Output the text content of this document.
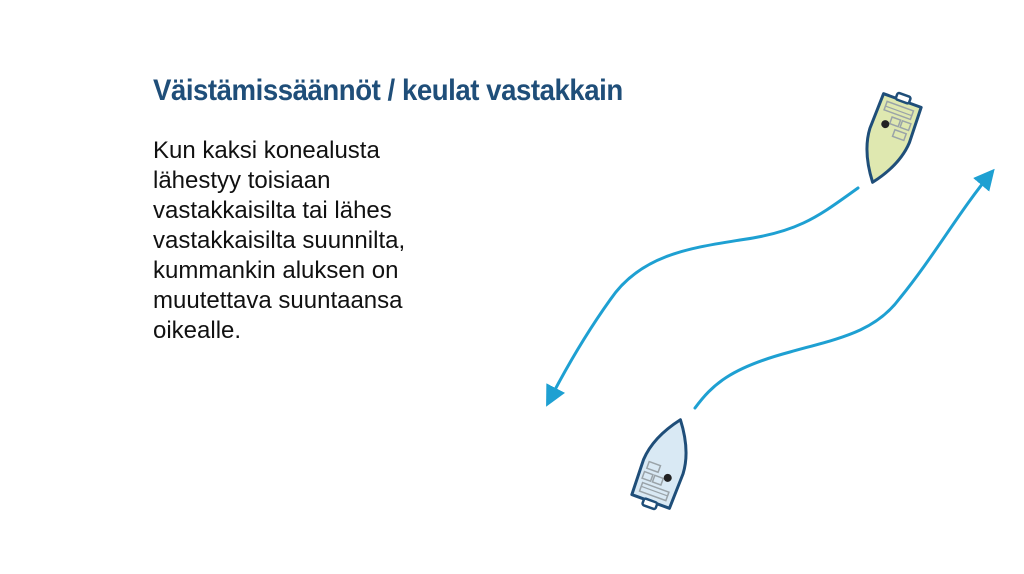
Väistämissäännöt / keulat vastakkain
Kun kaksi konealusta
lähestyy toisiaan
vastakkaisilta tai lähes
vastakkaisilta suunnilta,
kummankin aluksen on
muutettava suuntaansa
oikealle.
